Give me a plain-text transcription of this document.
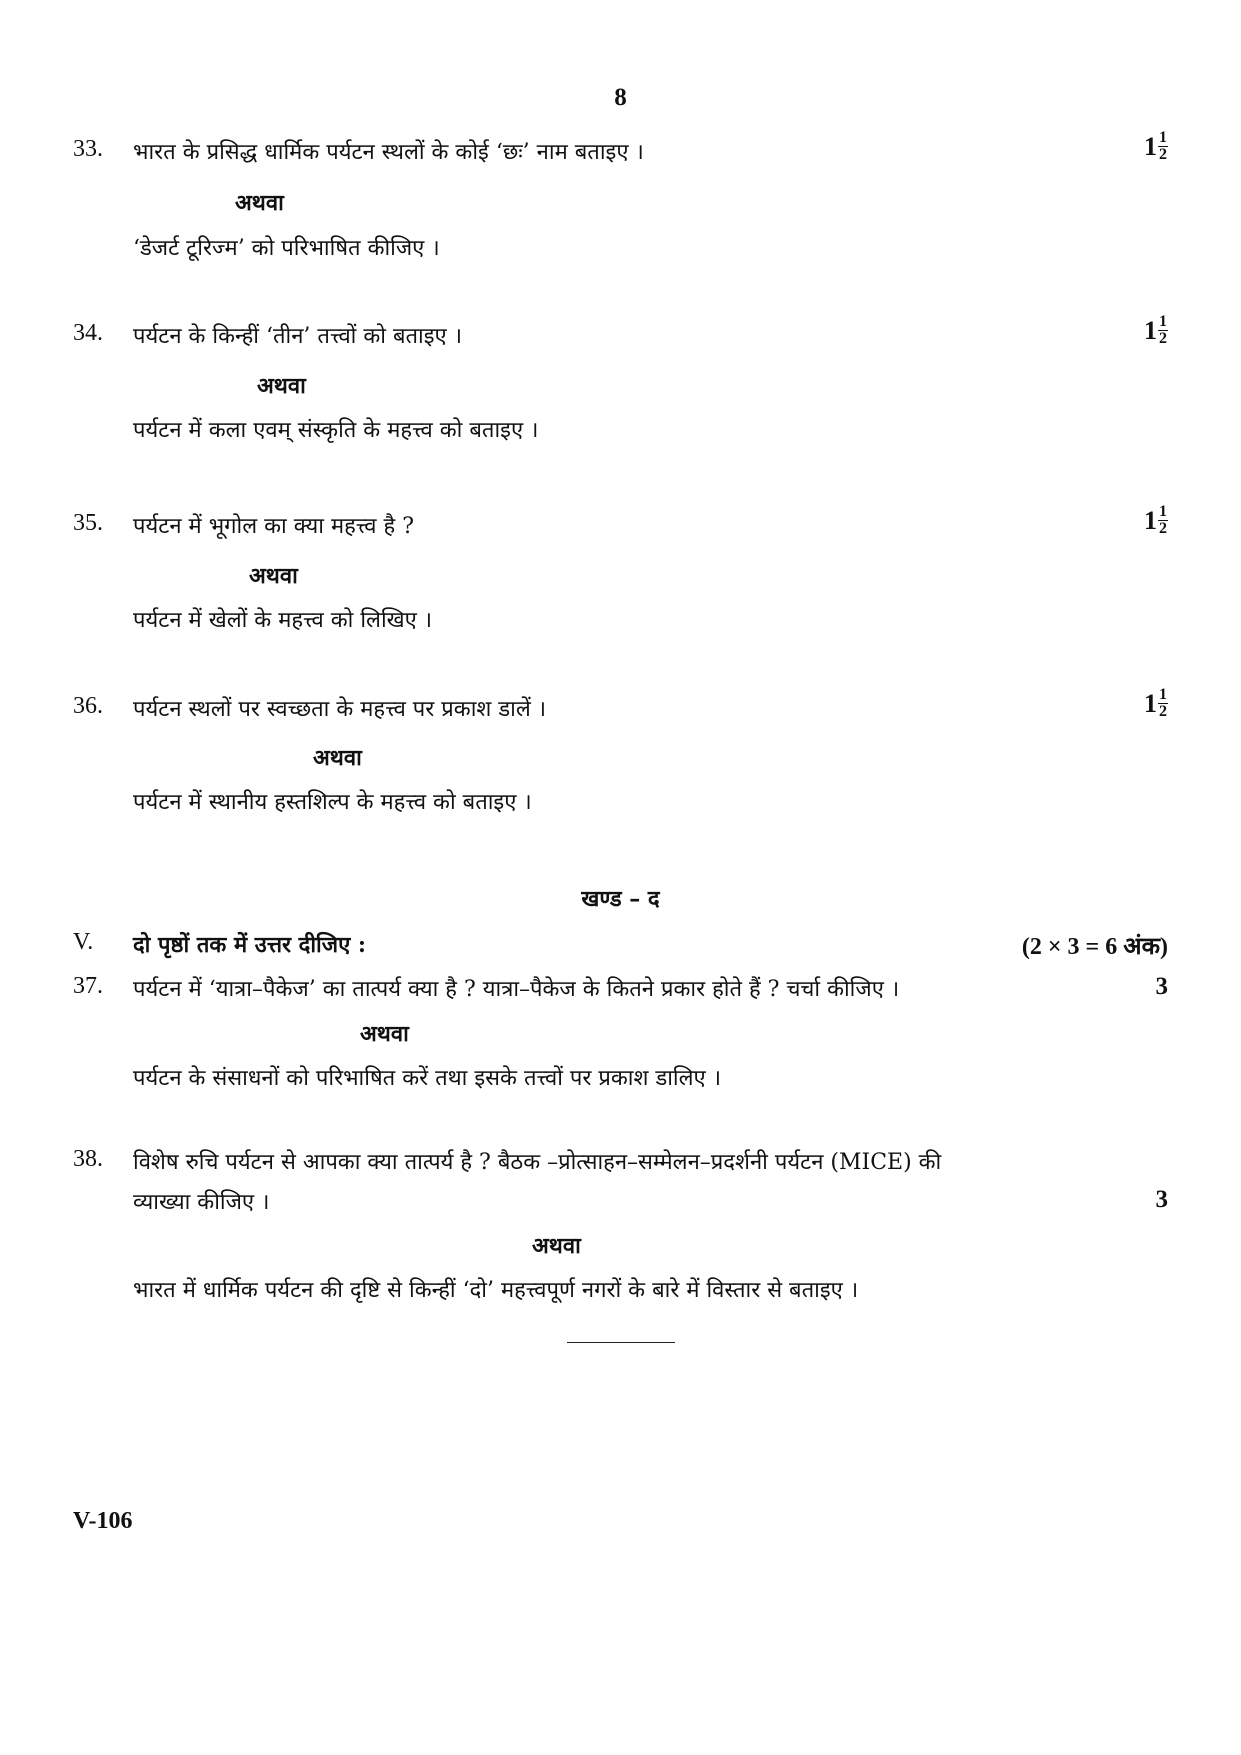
8
33. भारत के प्रसिद्ध धार्मिक पर्यटन स्थलों के कोई ‘छः’ नाम बताइए ।	$1 \frac{1}{2}$
अथवा
‘डेजर्ट टूरिज्म’ को परिभाषित कीजिए ।
34. पर्यटन के किन्हीं ‘तीन’ तत्त्वों को बताइए ।	$1 \frac{1}{2}$
अथवा
पर्यटन में कला एवम् संस्कृति के महत्त्व को बताइए ।
35. पर्यटन में भूगोल का क्या महत्त्व है ?	$1 \frac{1}{2}$
अथवा
पर्यटन में खेलों के महत्त्व को लिखिए ।
36. पर्यटन स्थलों पर स्वच्छता के महत्त्व पर प्रकाश डालें ।	$1 \frac{1}{2}$
अथवा
पर्यटन में स्थानीय हस्तशिल्प के महत्त्व को बताइए ।
खण्ड – द
V. दो पृष्ठों तक में उत्तर दीजिए :	(2 × 3 = 6 अंक)
37. पर्यटन में ‘यात्रा–पैकेज’ का तात्पर्य क्या है ? यात्रा–पैकेज के कितने प्रकार होते हैं ? चर्चा कीजिए ।	3
अथवा
पर्यटन के संसाधनों को परिभाषित करें तथा इसके तत्त्वों पर प्रकाश डालिए ।
38. विशेष रुचि पर्यटन से आपका क्या तात्पर्य है ? बैठक –प्रोत्साहन–सम्मेलन–प्रदर्शनी पर्यटन (MICE) की
व्याख्या कीजिए ।	3
अथवा
भारत में धार्मिक पर्यटन की दृष्टि से किन्हीं ‘दो’ महत्त्वपूर्ण नगरों के बारे में विस्तार से बताइए ।
V-106
